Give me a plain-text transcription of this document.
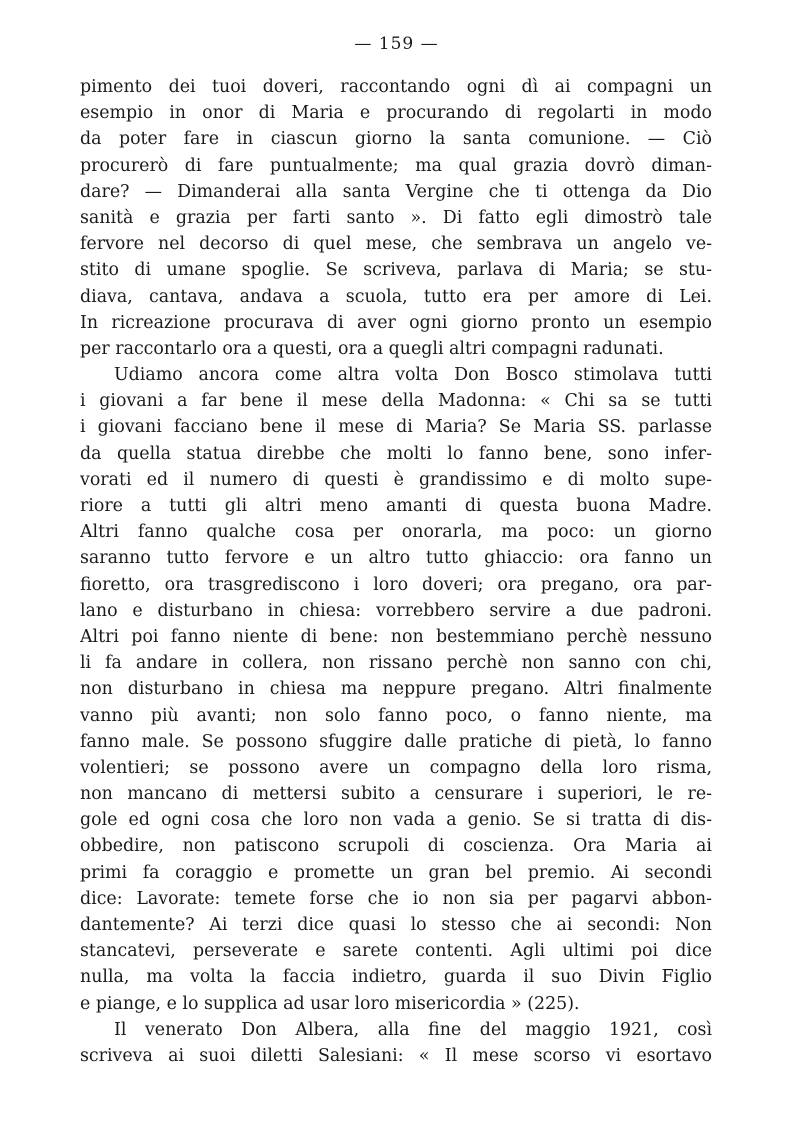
— 159 —
pimento dei tuoi doveri, raccontando ogni dì ai compagni un
esempio in onor di Maria e procurando di regolarti in modo
da poter fare in ciascun giorno la santa comunione. — Ciò
procurerò di fare puntualmente; ma qual grazia dovrò diman-
dare? — Dimanderai alla santa Vergine che ti ottenga da Dio
sanità e grazia per farti santo ». Di fatto egli dimostrò tale
fervore nel decorso di quel mese, che sembrava un angelo ve-
stito di umane spoglie. Se scriveva, parlava di Maria; se stu-
diava, cantava, andava a scuola, tutto era per amore di Lei.
In ricreazione procurava di aver ogni giorno pronto un esempio
per raccontarlo ora a questi, ora a quegli altri compagni radunati.
Udiamo ancora come altra volta Don Bosco stimolava tutti
i giovani a far bene il mese della Madonna: « Chi sa se tutti
i giovani facciano bene il mese di Maria? Se Maria SS. parlasse
da quella statua direbbe che molti lo fanno bene, sono infer-
vorati ed il numero di questi è grandissimo e di molto supe-
riore a tutti gli altri meno amanti di questa buona Madre.
Altri fanno qualche cosa per onorarla, ma poco: un giorno
saranno tutto fervore e un altro tutto ghiaccio: ora fanno un
fioretto, ora trasgrediscono i loro doveri; ora pregano, ora par-
lano e disturbano in chiesa: vorrebbero servire a due padroni.
Altri poi fanno niente di bene: non bestemmiano perchè nessuno
li fa andare in collera, non rissano perchè non sanno con chi,
non disturbano in chiesa ma neppure pregano. Altri finalmente
vanno più avanti; non solo fanno poco, o fanno niente, ma
fanno male. Se possono sfuggire dalle pratiche di pietà, lo fanno
volentieri; se possono avere un compagno della loro risma,
non mancano di mettersi subito a censurare i superiori, le re-
gole ed ogni cosa che loro non vada a genio. Se si tratta di dis-
obbedire, non patiscono scrupoli di coscienza. Ora Maria ai
primi fa coraggio e promette un gran bel premio. Ai secondi
dice: Lavorate: temete forse che io non sia per pagarvi abbon-
dantemente? Ai terzi dice quasi lo stesso che ai secondi: Non
stancatevi, perseverate e sarete contenti. Agli ultimi poi dice
nulla, ma volta la faccia indietro, guarda il suo Divin Figlio
e piange, e lo supplica ad usar loro misericordia » (225).
Il venerato Don Albera, alla fine del maggio 1921, così
scriveva ai suoi diletti Salesiani: « Il mese scorso vi esortavo
